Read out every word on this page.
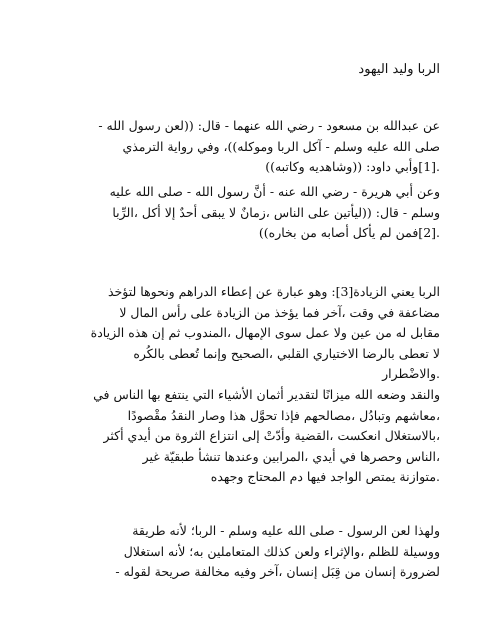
الربا وليد اليهود

عن عبدالله بن مسعود - رضي الله عنهما - قال: ((لعن رسول الله -
صلى الله عليه وسلم - آكل الربا وموكله))، وفي رواية الترمذي
.[1]وأبي داود: ((وشاهديه وكاتبه))

وعن أبي هريرة - رضي الله عنه - أنَّ رسول الله - صلى الله عليه
وسلم - قال: ((ليأتين على الناس ،زمانٌ لا يبقى أحدٌ إلا أكل ،الرِّبا
.[2]فمن لم يأكل أصابه من بخاره))

الربا يعني الزيادة[3]: وهو عبارة عن إعطاء الدراهم ونحوها لتؤخذ
مضاعفة في وقت ،آخر فما يؤخذ من الزيادة على رأس المال لا
مقابل له من عين ولا عمل سوى الإمهال ،المندوب ثم إن هذه الزيادة
لا تعطى بالرضا الاختياري القلبي ،الصحيح وإنما تُعطى بالكُره
.والاضْطرار

والنقد وضعه الله ميزانًا لتقدير أثمان الأشياء التي ينتفع بها الناس في
،معاشهم وتبادُل ،مصالحهم فإذا تحوَّل هذا وصار النقدُ مقْصودًا
،بالاستغلال انعكست ،القضية وأدّتْ إلى انتزاع الثروة من أيدي أكثر
،الناس وحصرها في أيدي ،المرابين وعندها تنشأ طبقيّة غير
.متوازنة يمتص الواجد فيها دم المحتاج وجهده

ولهذا لعن الرسول - صلى الله عليه وسلم - الربا؛ لأنه طريقة
ووسيلة للظلم ،والإثراء ولعن كذلك المتعاملين به؛ لأنه استغلال
لضرورة إنسان من قِبَل إنسان ،آخر وفيه مخالفة صريحة لقوله -
